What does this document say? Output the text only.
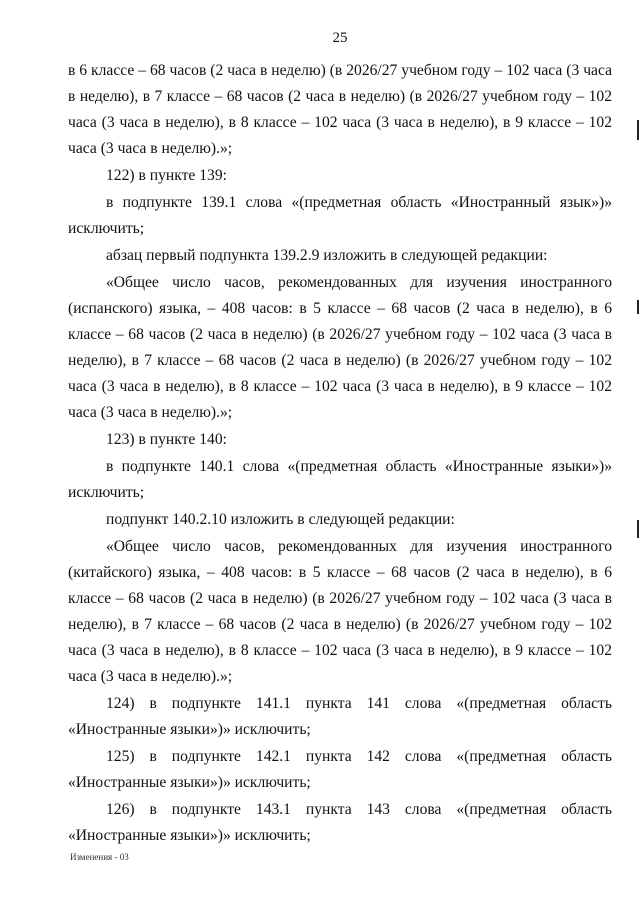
25

в 6 классе – 68 часов (2 часа в неделю) (в 2026/27 учебном году – 102 часа (3 часа в неделю), в 7 классе – 68 часов (2 часа в неделю) (в 2026/27 учебном году – 102 часа (3 часа в неделю), в 8 классе – 102 часа (3 часа в неделю), в 9 классе – 102 часа (3 часа в неделю).»;

122) в пункте 139:

в подпункте 139.1 слова «(предметная область «Иностранный язык»)» исключить;

абзац первый подпункта 139.2.9 изложить в следующей редакции:

«Общее число часов, рекомендованных для изучения иностранного (испанского) языка, – 408 часов: в 5 классе – 68 часов (2 часа в неделю), в 6 классе – 68 часов (2 часа в неделю) (в 2026/27 учебном году – 102 часа (3 часа в неделю), в 7 классе – 68 часов (2 часа в неделю) (в 2026/27 учебном году – 102 часа (3 часа в неделю), в 8 классе – 102 часа (3 часа в неделю), в 9 классе – 102 часа (3 часа в неделю).»;

123) в пункте 140:

в подпункте 140.1 слова «(предметная область «Иностранные языки»)» исключить;

подпункт 140.2.10 изложить в следующей редакции:

«Общее число часов, рекомендованных для изучения иностранного (китайского) языка, – 408 часов: в 5 классе – 68 часов (2 часа в неделю), в 6 классе – 68 часов (2 часа в неделю) (в 2026/27 учебном году – 102 часа (3 часа в неделю), в 7 классе – 68 часов (2 часа в неделю) (в 2026/27 учебном году – 102 часа (3 часа в неделю), в 8 классе – 102 часа (3 часа в неделю), в 9 классе – 102 часа (3 часа в неделю).»;

124) в подпункте 141.1 пункта 141 слова «(предметная область «Иностранные языки»)» исключить;

125) в подпункте 142.1 пункта 142 слова «(предметная область «Иностранные языки»)» исключить;

126) в подпункте 143.1 пункта 143 слова «(предметная область «Иностранные языки»)» исключить;

Изменения - 03
